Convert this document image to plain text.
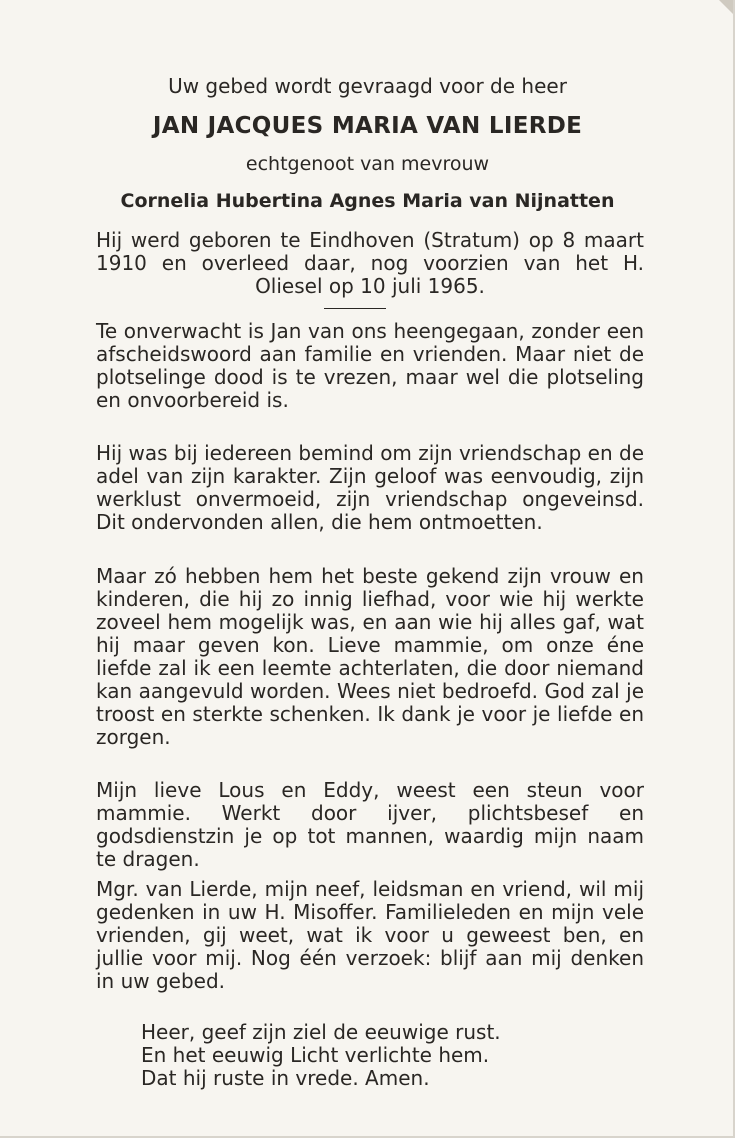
Uw gebed wordt gevraagd voor de heer
JAN JACQUES MARIA VAN LIERDE
echtgenoot van mevrouw
Cornelia Hubertina Agnes Maria van Nijnatten

Hij werd geboren te Eindhoven (Stratum) op 8 maart 1910 en overleed daar, nog voorzien van het H. Oliesel op 10 juli 1965.

Te onverwacht is Jan van ons heengegaan, zonder een afscheidswoord aan familie en vrienden. Maar niet de plotselinge dood is te vrezen, maar wel die plotseling en onvoorbereid is.

Hij was bij iedereen bemind om zijn vriendschap en de adel van zijn karakter. Zijn geloof was eenvoudig, zijn werklust onvermoeid, zijn vriendschap ongeveinsd. Dit ondervonden allen, die hem ontmoetten.

Maar zó hebben hem het beste gekend zijn vrouw en kinderen, die hij zo innig liefhad, voor wie hij werkte zoveel hem mogelijk was, en aan wie hij alles gaf, wat hij maar geven kon. Lieve mammie, om onze éne liefde zal ik een leemte achterlaten, die door niemand kan aangevuld worden. Wees niet bedroefd. God zal je troost en sterkte schenken. Ik dank je voor je liefde en zorgen.

Mijn lieve Lous en Eddy, weest een steun voor mammie. Werkt door ijver, plichtsbesef en godsdienstzin je op tot mannen, waardig mijn naam te dragen.

Mgr. van Lierde, mijn neef, leidsman en vriend, wil mij gedenken in uw H. Misoffer. Familieleden en mijn vele vrienden, gij weet, wat ik voor u geweest ben, en jullie voor mij. Nog één verzoek: blijf aan mij denken in uw gebed.

Heer, geef zijn ziel de eeuwige rust.

En het eeuwig Licht verlichte hem.

Dat hij ruste in vrede. Amen.
